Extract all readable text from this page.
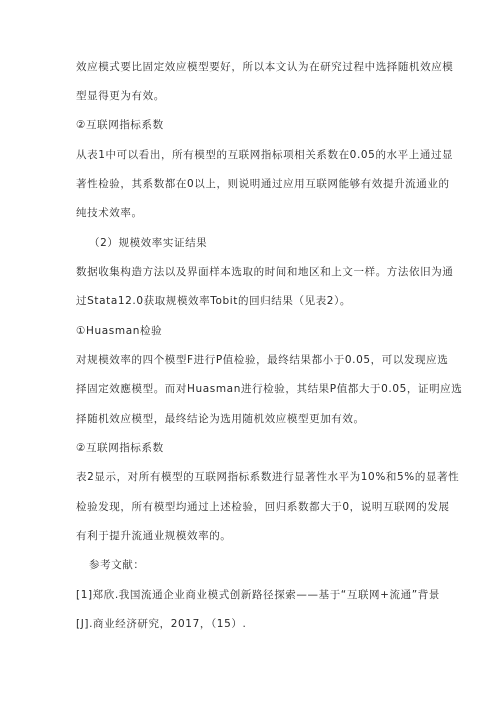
效应模式要比固定效应模型要好，所以本文认为在研究过程中选择随机效应模
型显得更为有效。
②互联网指标系数
从表1中可以看出，所有模型的互联网指标项相关系数在0.05的水平上通过显
著性检验，其系数都在0以上，则说明通过应用互联网能够有效提升流通业的
纯技术效率。
（2）规模效率实证结果
数据收集构造方法以及界面样本选取的时间和地区和上文一样。方法依旧为通
过Stata12.0获取规模效率Tobit的回归结果（见表2）。
①Huasman检验
对规模效率的四个模型F进行P值检验，最终结果都小于0.05，可以发现应选
择固定效應模型。而对Huasman进行检验，其结果P值都大于0.05，证明应选
择随机效应模型，最终结论为选用随机效应模型更加有效。
②互联网指标系数
表2显示，对所有模型的互联网指标系数进行显著性水平为10%和5%的显著性
检验发现，所有模型均通过上述检验，回归系数都大于0，说明互联网的发展
有利于提升流通业规模效率的。
参考文献：
[1]郑欣.我国流通企业商业模式创新路径探索——基于“互联网+流通”背景
[J].商业经济研究，2017，（15）.
